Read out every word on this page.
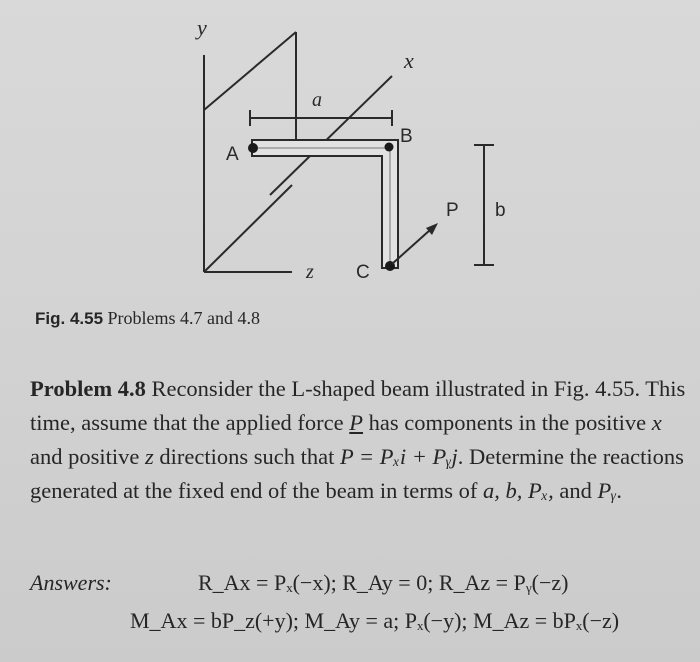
y
x
a
A
B
C
P b
z
Fig. 4.55 Problems 4.7 and 4.8

Problem 4.8 Reconsider the L-shaped beam illustrated in Fig. 4.55. This time, assume that the applied force P has components in the positive x and positive z directions such that P = Pₓi + Pᵧj. Determine the reactions generated at the fixed end of the beam in terms of a, b, Pₓ, and Pᵧ.

Answers:	R_Ax = Pₓ(−x); R_Ay = 0; R_Az = Pᵧ(−z)
M_Ax = bP_z(+y); M_Ay = a; Pₓ(−y); M_Az = bPₓ(−z)
